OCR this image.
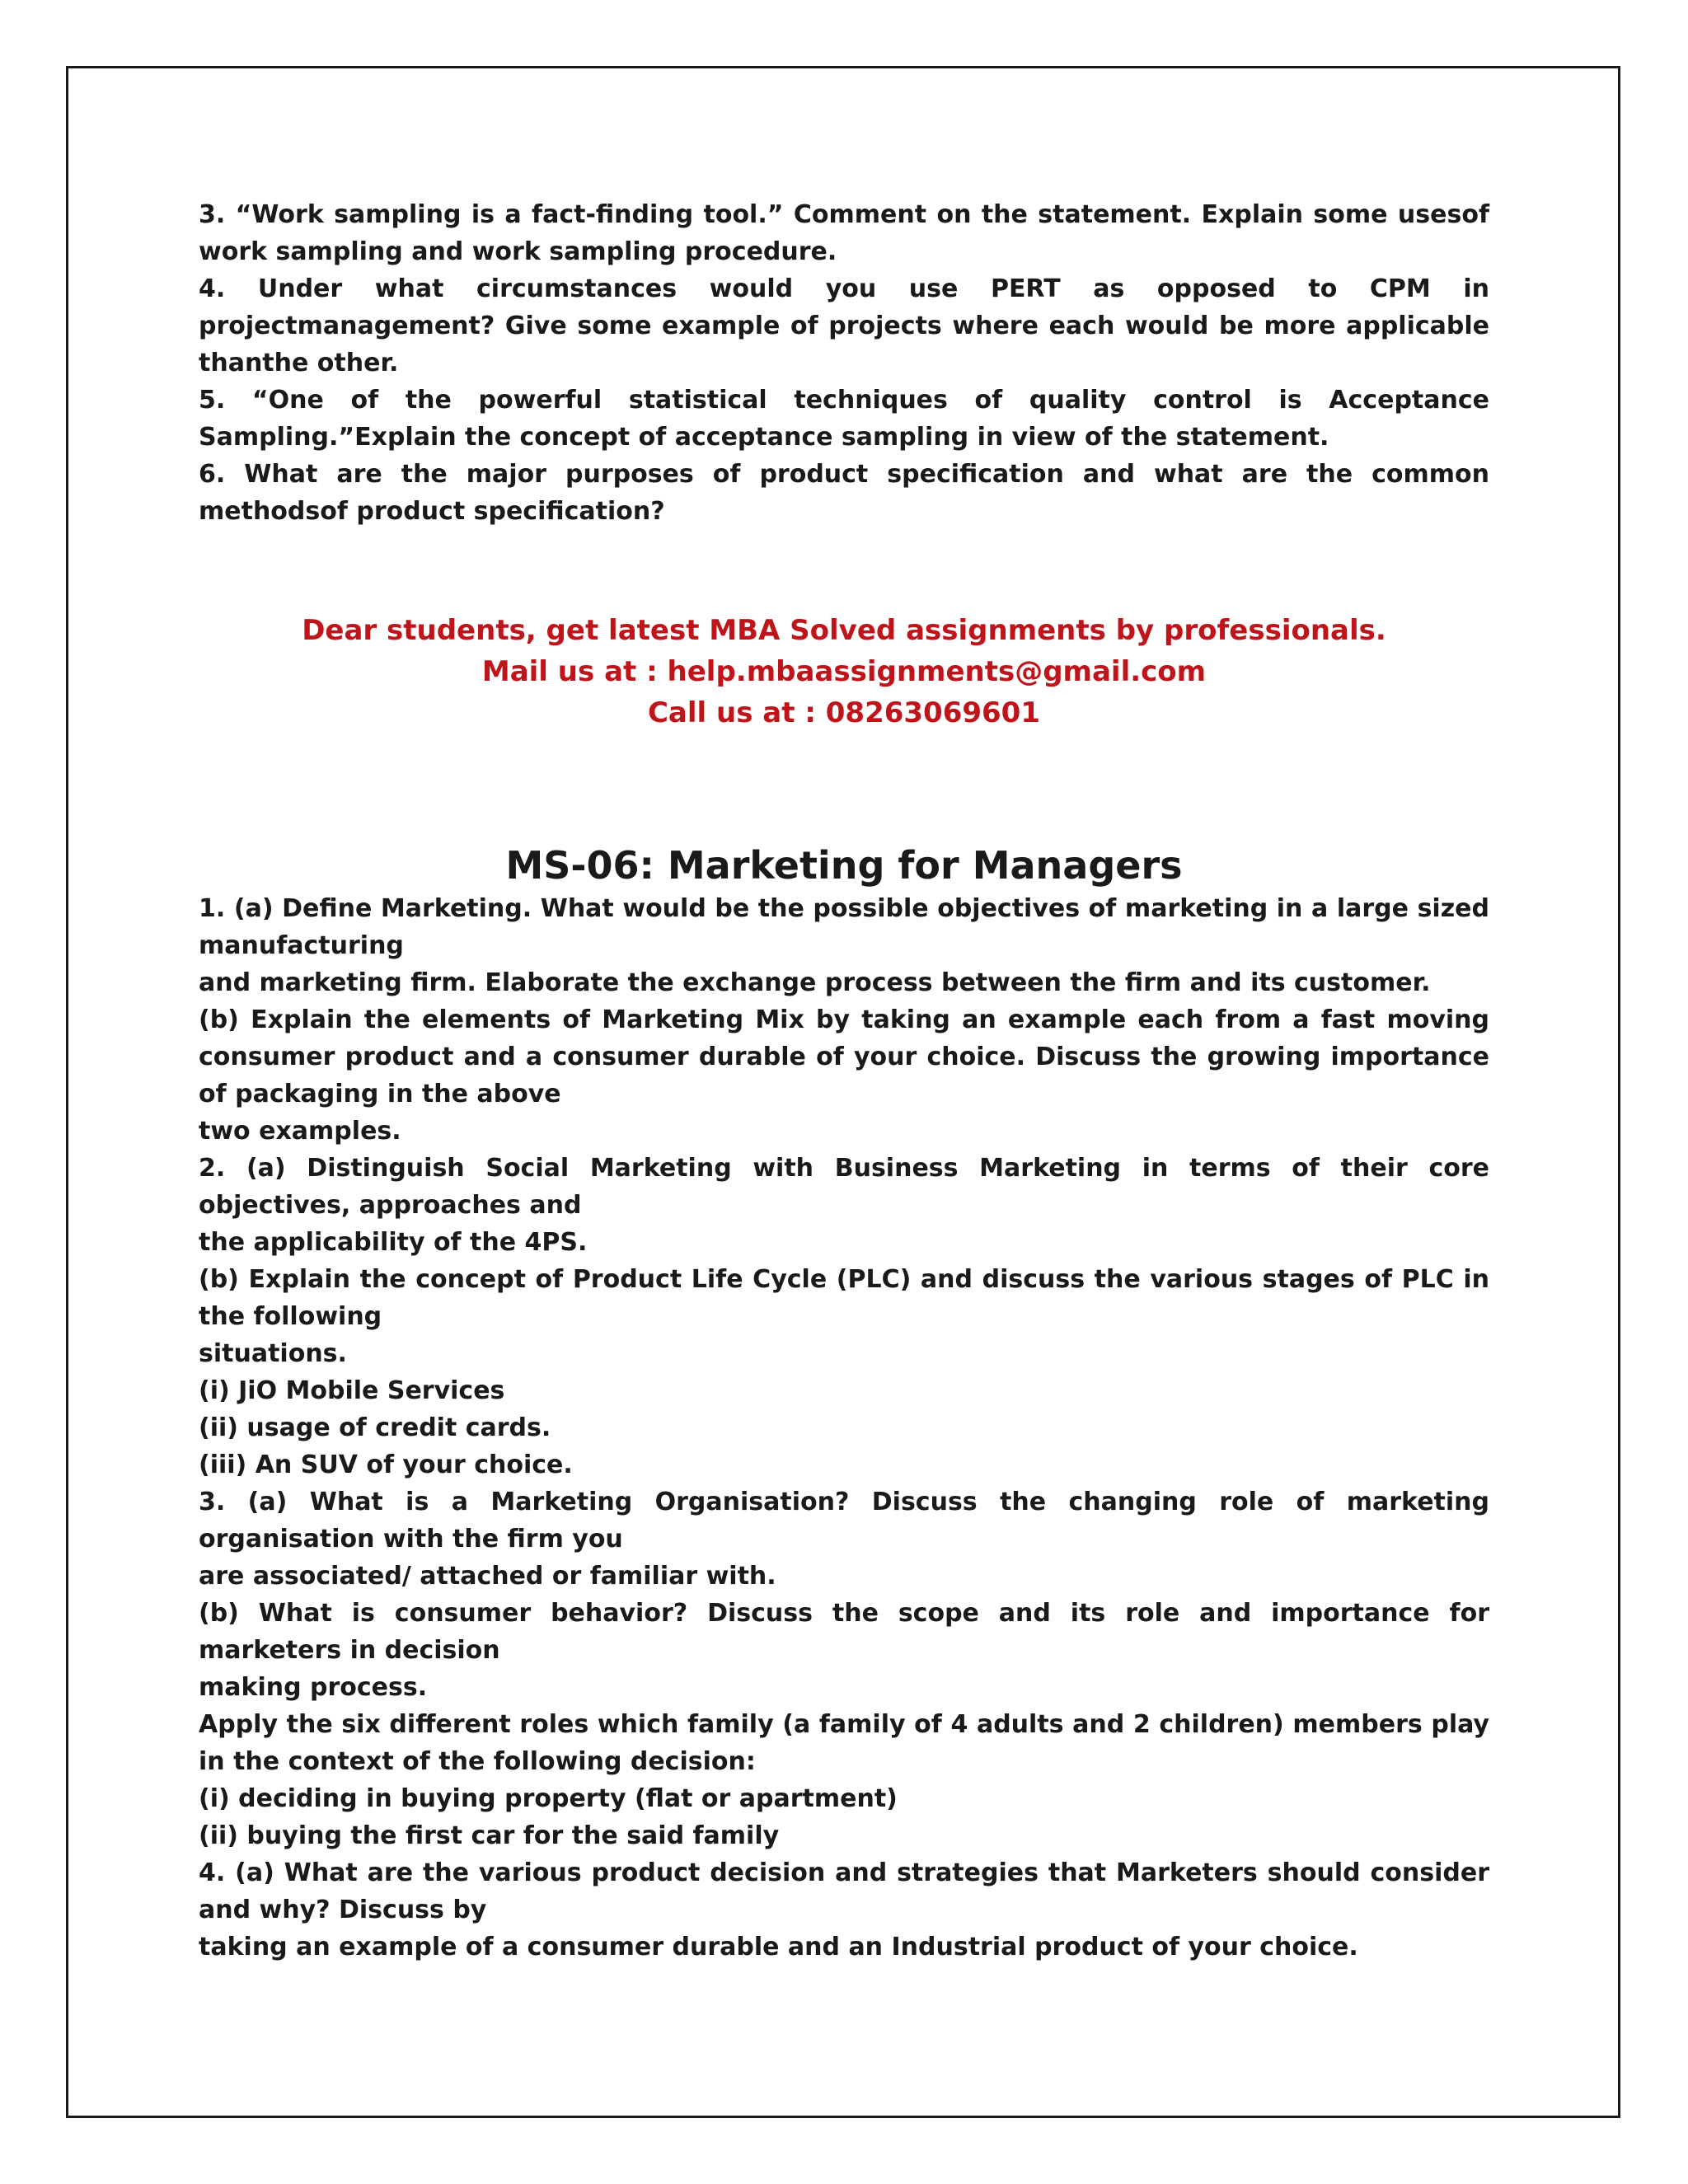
3. “Work sampling is a fact-finding tool.” Comment on the statement. Explain some usesof work sampling and work sampling procedure.

4. Under what circumstances would you use PERT as opposed to CPM in projectmanagement? Give some example of projects where each would be more applicable thanthe other.

5. “One of the powerful statistical techniques of quality control is Acceptance Sampling.”Explain the concept of acceptance sampling in view of the statement.

6. What are the major purposes of product specification and what are the common methodsof product specification?

Dear students, get latest MBA Solved assignments by professionals.
Mail us at : help.mbaassignments@gmail.com
Call us at : 08263069601
MS-06: Marketing for Managers

1. (a) Define Marketing. What would be the possible objectives of marketing in a large sized manufacturing

and marketing firm. Elaborate the exchange process between the firm and its customer.

(b) Explain the elements of Marketing Mix by taking an example each from a fast moving consumer product and a consumer durable of your choice. Discuss the growing importance of packaging in the above

two examples.

2. (a) Distinguish Social Marketing with Business Marketing in terms of their core objectives, approaches and

the applicability of the 4PS.

(b) Explain the concept of Product Life Cycle (PLC) and discuss the various stages of PLC in the following

situations.

(i) JiO Mobile Services

(ii) usage of credit cards.

(iii) An SUV of your choice.

3. (a) What is a Marketing Organisation? Discuss the changing role of marketing organisation with the firm you

are associated/ attached or familiar with.

(b) What is consumer behavior? Discuss the scope and its role and importance for marketers in decision

making process.

Apply the six different roles which family (a family of 4 adults and 2 children) members play in the context of the following decision:

(i) deciding in buying property (flat or apartment)

(ii) buying the first car for the said family

4. (a) What are the various product decision and strategies that Marketers should consider and why? Discuss by

taking an example of a consumer durable and an Industrial product of your choice.
